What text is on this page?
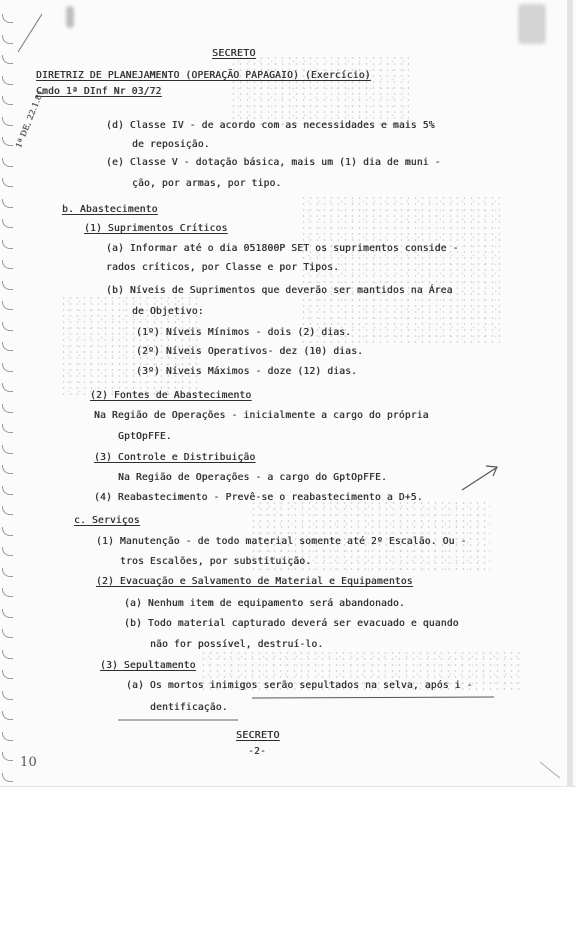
SECRETO
DIRETRIZ DE PLANEJAMENTO (OPERAÇÃO PAPAGAIO) (Exercício)
Cmdo 1ª DInf Nr 03/72
1ª DE, 22.1.81	(d) Classe IV - de acordo com as necessidades e mais 5%
de reposição.
(e) Classe V - dotação básica, mais um (1) dia de muni -
ção, por armas, por tipo.
b. Abastecimento
(1) Suprimentos Críticos
(a) Informar até o dia 051800P SET os suprimentos conside -
rados críticos, por Classe e por Tipos.
(b) Níveis de Suprimentos que deverão ser mantidos na Área
de Objetivo:
(1º) Níveis Mínimos - dois (2) dias.
(2º) Níveis Operativos- dez (10) dias.
(3º) Níveis Máximos - doze (12) dias.
(2) Fontes de Abastecimento
Na Região de Operações - inicialmente a cargo do própria
GptOpFFE.
(3) Controle e Distribuição
Na Região de Operações - a cargo do GptOpFFE.
(4) Reabastecimento - Prevê-se o reabastecimento a D+5.
c. Serviços
(1) Manutenção - de todo material somente até 2º Escalão. Ou -
tros Escalões, por substituição.
(2) Evacuação e Salvamento de Material e Equipamentos
(a) Nenhum item de equipamento será abandonado.
(b) Todo material capturado deverá ser evacuado e quando
não for possível, destruí-lo.
(3) Sepultamento
(a) Os mortos inimigos serão sepultados na selva, após i -
dentificação.
SECRETO
-2-
10
